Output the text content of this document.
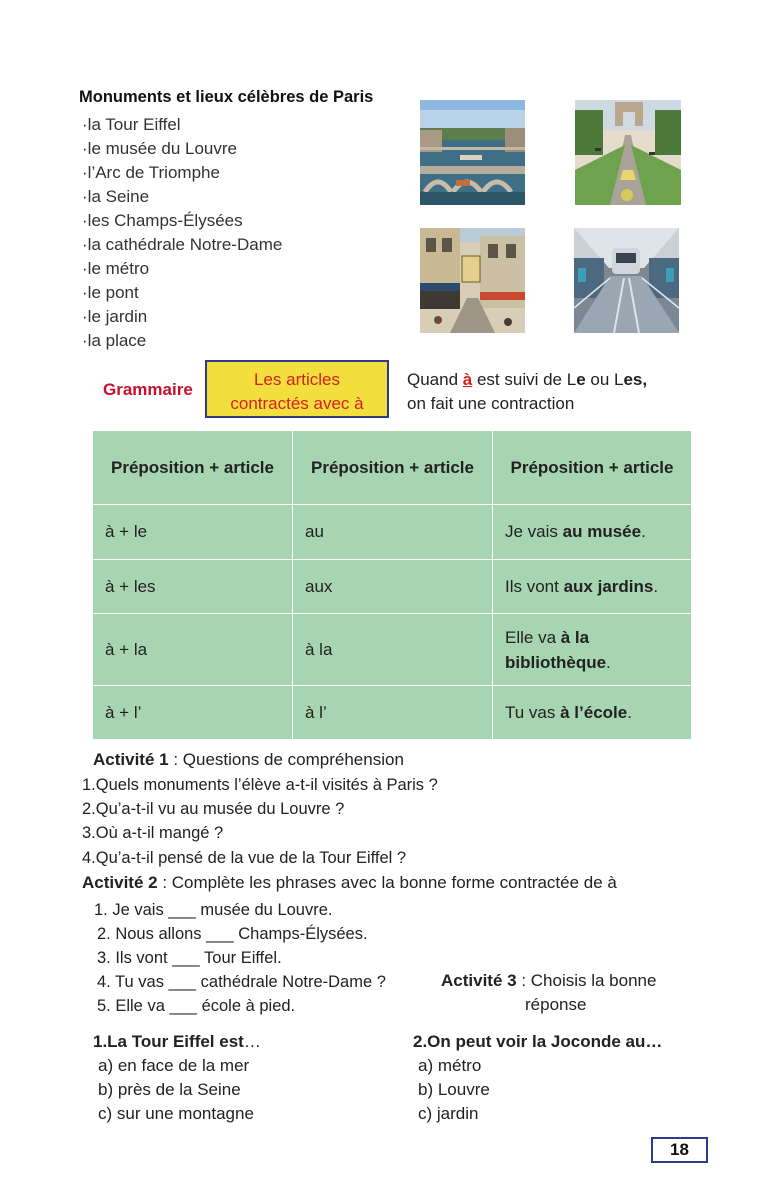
Monuments et lieux célèbres de Paris
·la Tour Eiffel
·le musée du Louvre
·l’Arc de Triomphe
·la Seine
·les Champs-Élysées
·la cathédrale Notre-Dame
·le métro
·le pont
·le jardin
·la place
Grammaire
Les articles
contractés avec à
Quand à est suivi de Le ou Les,
on fait une contraction
Préposition + article	Préposition + article	Préposition + article
à + le	au	Je vais au musée.
à + les	aux	Ils vont aux jardins.
à + la	à la	Elle va à la bibliothèque.
à + l’	à l’	Tu vas à l’école.
Activité 1 : Questions de compréhension
1.Quels monuments l’élève a-t-il visités à Paris ?
2.Qu’a-t-il vu au musée du Louvre ?
3.Où a-t-il mangé ?
4.Qu’a-t-il pensé de la vue de la Tour Eiffel ?
Activité 2 : Complète les phrases avec la bonne forme contractée de à
1. Je vais ___ musée du Louvre.
2. Nous allons ___ Champs-Élysées.
3. Ils vont ___ Tour Eiffel.
4. Tu vas ___ cathédrale Notre-Dame ?
5. Elle va ___ école à pied.
Activité 3 : Choisis la bonne
réponse
1.La Tour Eiffel est…
a) en face de la mer
b) près de la Seine
c) sur une montagne
2.On peut voir la Joconde au…
a) métro
b) Louvre
c) jardin
18
